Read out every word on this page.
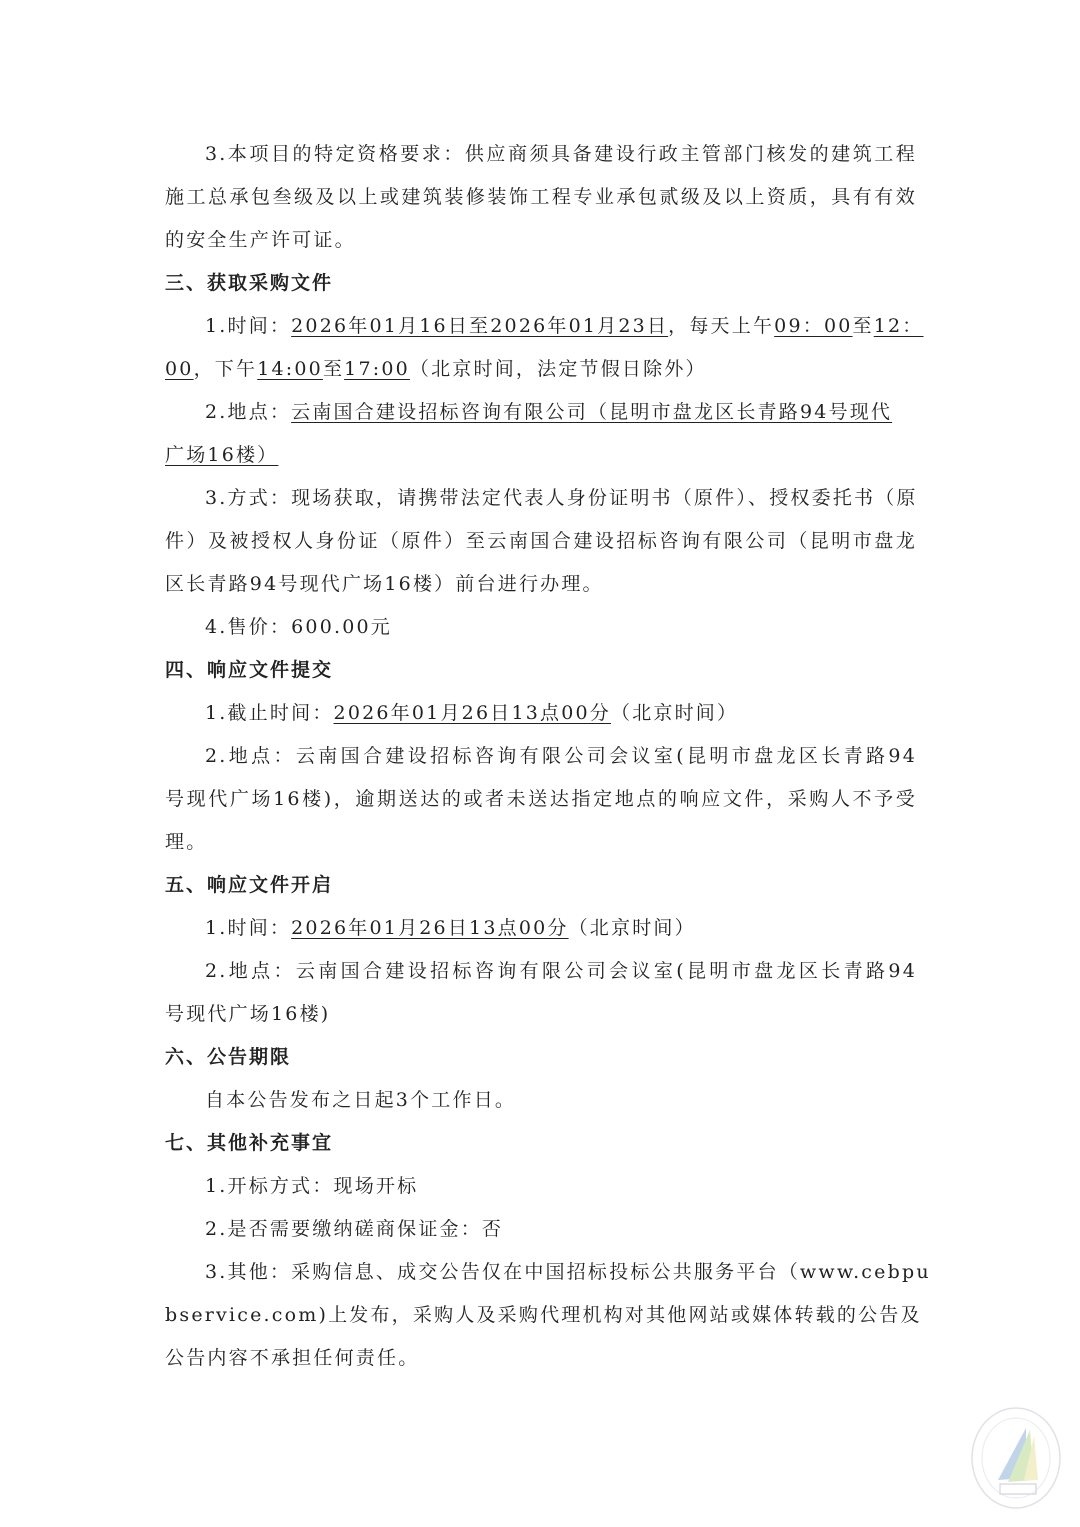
3.本项目的特定资格要求：供应商须具备建设行政主管部门核发的建筑工程
施工总承包叁级及以上或建筑装修装饰工程专业承包贰级及以上资质，具有有效
的安全生产许可证。
三、获取采购文件
1.时间：2026年01月16日至2026年01月23日，每天上午09：00至12：
00，下午14:00至17:00（北京时间，法定节假日除外）
2.地点：云南国合建设招标咨询有限公司（昆明市盘龙区长青路94号现代
广场16楼）
3.方式：现场获取，请携带法定代表人身份证明书（原件）、授权委托书（原
件）及被授权人身份证（原件）至云南国合建设招标咨询有限公司（昆明市盘龙
区长青路94号现代广场16楼）前台进行办理。
4.售价：600.00元
四、响应文件提交
1.截止时间：2026年01月26日13点00分（北京时间）
2.地点：云南国合建设招标咨询有限公司会议室(昆明市盘龙区长青路94
号现代广场16楼)，逾期送达的或者未送达指定地点的响应文件，采购人不予受
理。
五、响应文件开启
1.时间：2026年01月26日13点00分（北京时间）
2.地点：云南国合建设招标咨询有限公司会议室(昆明市盘龙区长青路94
号现代广场16楼)
六、公告期限
自本公告发布之日起3个工作日。
七、其他补充事宜
1.开标方式：现场开标
2.是否需要缴纳磋商保证金：否
3.其他：采购信息、成交公告仅在中国招标投标公共服务平台（www.cebpu
bservice.com)上发布，采购人及采购代理机构对其他网站或媒体转载的公告及
公告内容不承担任何责任。
